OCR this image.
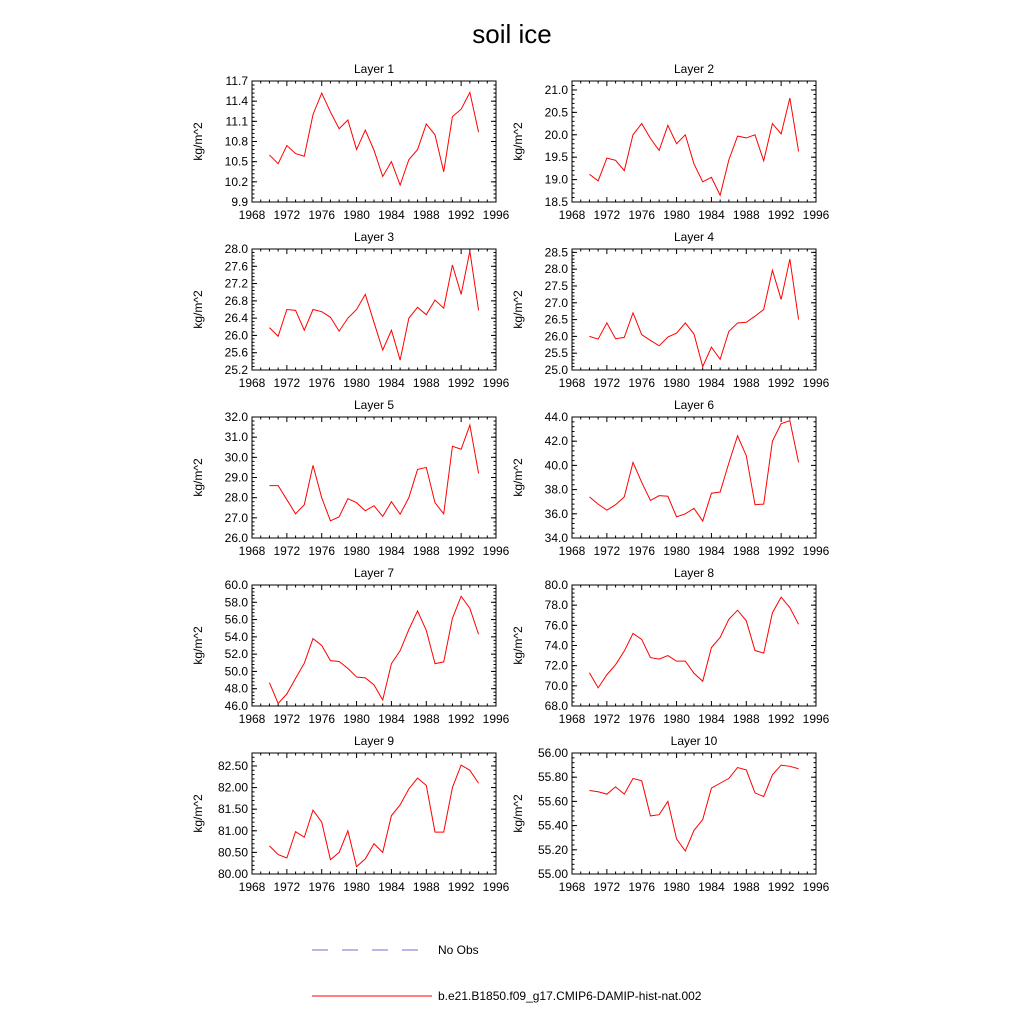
soil ice
Layer 1
1968 1972 1976 1980 1984 1988 1992 1996
9.9
10.2
10.5
10.8
11.1
11.4
11.7
kg/m^2
Layer 2
1968 1972 1976 1980 1984 1988 1992 1996
18.5
19.0
19.5
20.0
20.5
21.0
kg/m^2
Layer 3
1968 1972 1976 1980 1984 1988 1992 1996
25.2
25.6
26.0
26.4
26.8
27.2
27.6
28.0
kg/m^2
Layer 4
1968 1972 1976 1980 1984 1988 1992 1996
25.0
25.5
26.0
26.5
27.0
27.5
28.0
28.5
kg/m^2
Layer 5
1968 1972 1976 1980 1984 1988 1992 1996
26.0
27.0
28.0
29.0
30.0
31.0
32.0
kg/m^2
Layer 6
1968 1972 1976 1980 1984 1988 1992 1996
34.0
36.0
38.0
40.0
42.0
44.0
kg/m^2
Layer 7
1968 1972 1976 1980 1984 1988 1992 1996
46.0
48.0
50.0
52.0
54.0
56.0
58.0
60.0
kg/m^2
Layer 8
1968 1972 1976 1980 1984 1988 1992 1996
68.0
70.0
72.0
74.0
76.0
78.0
80.0
kg/m^2
Layer 9
1968 1972 1976 1980 1984 1988 1992 1996
80.00
80.50
81.00
81.50
82.00
82.50
kg/m^2
Layer 10
1968 1972 1976 1980 1984 1988 1992 1996
55.00
55.20
55.40
55.60
55.80
56.00
kg/m^2
No Obs
b.e21.B1850.f09_g17.CMIP6-DAMIP-hist-nat.002
